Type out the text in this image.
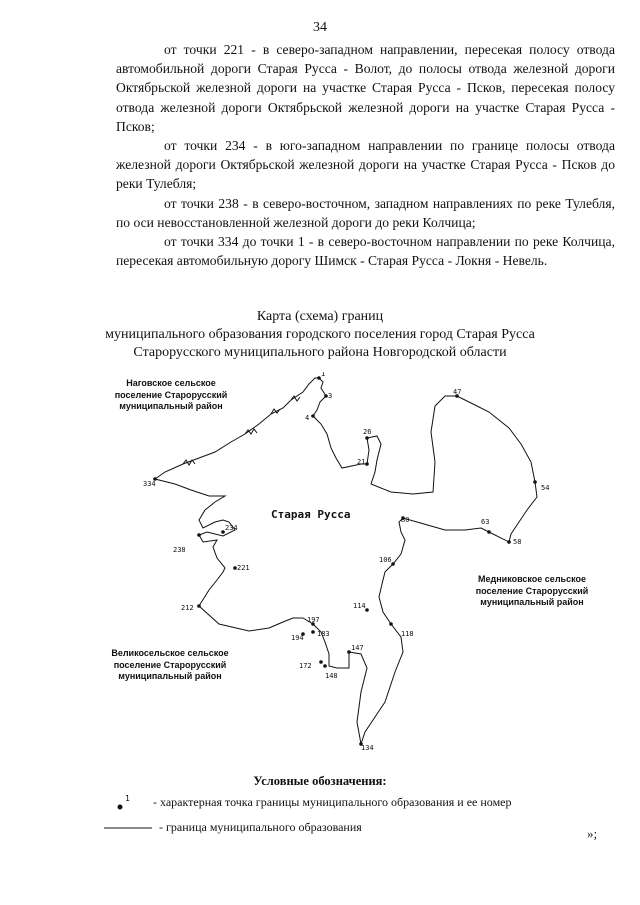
34

от точки 221 - в северо-западном направлении, пересекая полосу отвода автомобильной дороги Старая Русса - Волот, до полосы отвода железной дороги Октябрьской железной дороги на участке Старая Русса - Псков, пересекая полосу отвода железной дороги Октябрьской железной дороги на участке Старая Русса - Псков;

от точки 234 - в юго-западном направлении по границе полосы отвода железной дороги Октябрьской железной дороги на участке Старая Русса - Псков до реки Тулебля;

от точки 238 - в северо-восточном, западном направлениях по реке Тулебля, по оси невосстановленной железной дороги до реки Колчица;

от точки 334 до точки 1 - в северо-восточном направлении по реке Колчица, пересекая автомобильную дорогу Шимск - Старая Русса - Локня - Невель.

Карта (схема) границ
муниципального образования городского поселения город Старая Русса
Старорусского муниципального района Новгородской области
1
3
4
26
21
47
54
63
58
80
106
114
118
134
148
147
172
183
194
197
212
221
238
234
334
Наговское сельское
поселение Старорусский
муниципальный район
Медниковское сельское
поселение Старорусский
муниципальный район
Великосельское сельское
поселение Старорусский
муниципальный район
Старая Русса
Условные обозначения:
1 - характерная точка границы муниципального образования и ее номер
- граница муниципального образования	»;
